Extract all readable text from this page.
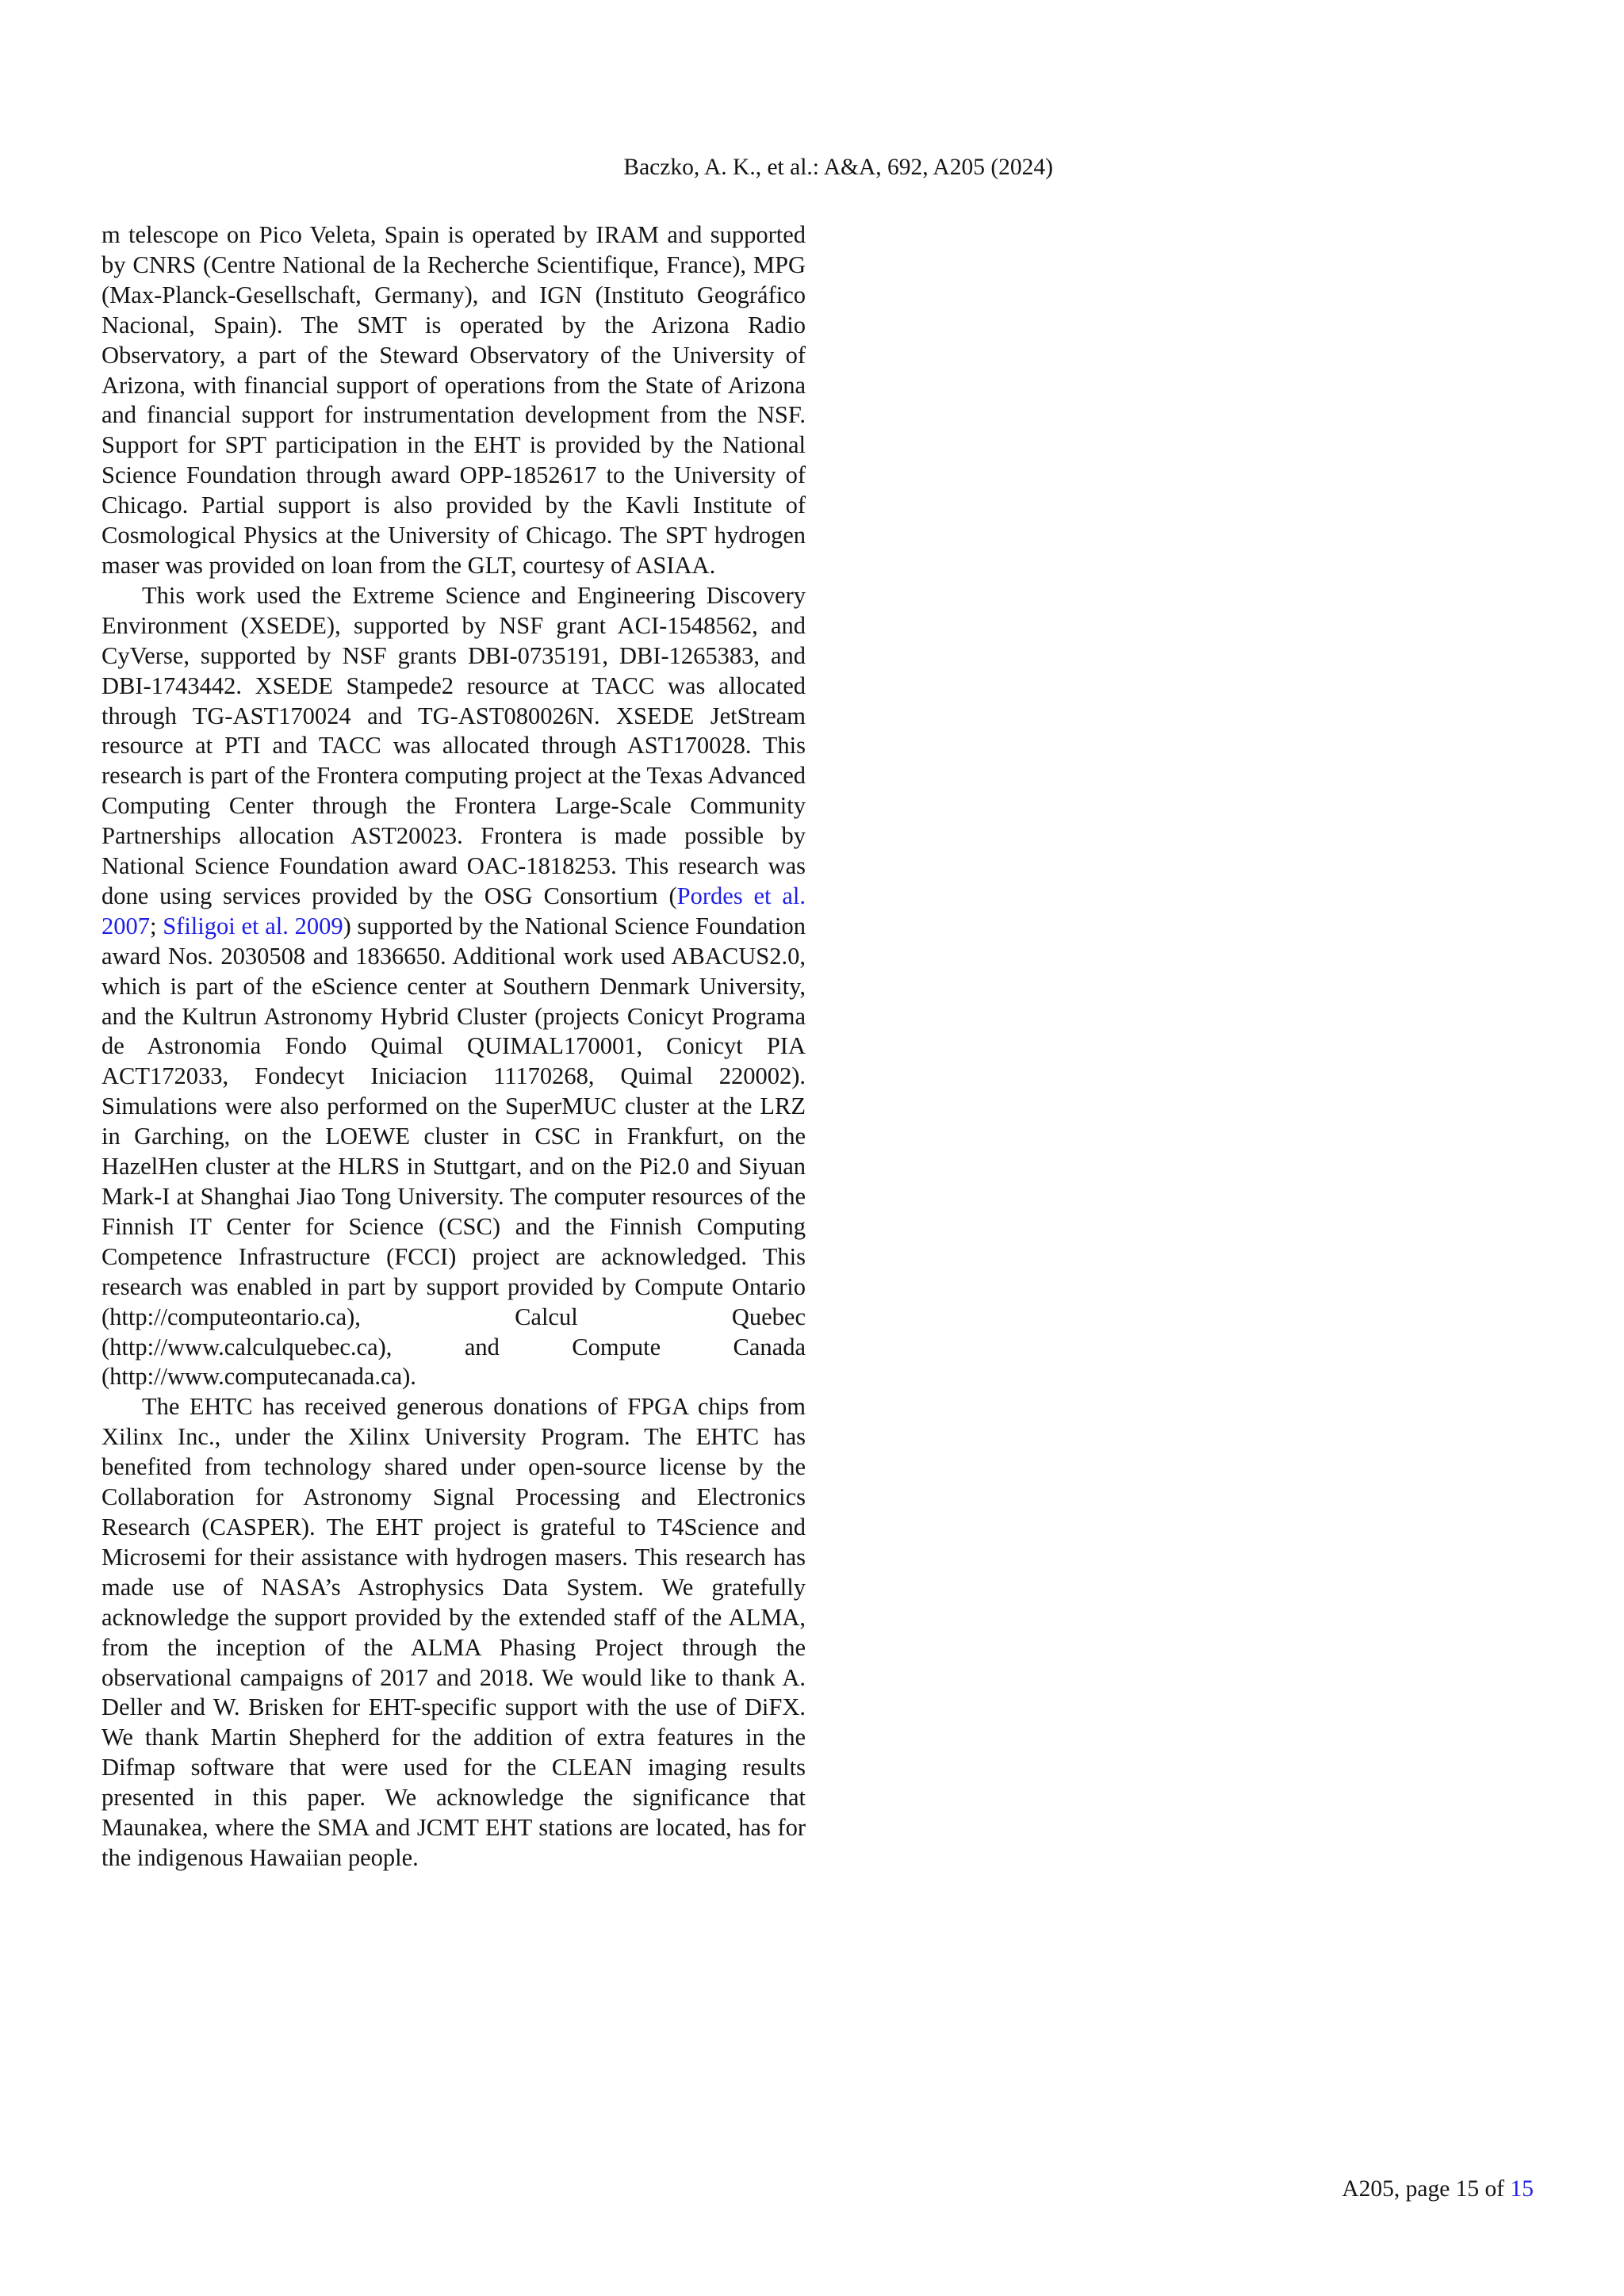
Baczko, A. K., et al.: A&A, 692, A205 (2024)

m telescope on Pico Veleta, Spain is operated by IRAM and supported by CNRS (Centre National de la Recherche Scientifique, France), MPG (Max-Planck-Gesellschaft, Germany), and IGN (Instituto Geográfico Nacional, Spain). The SMT is operated by the Arizona Radio Observatory, a part of the Steward Observatory of the University of Arizona, with financial support of operations from the State of Arizona and financial support for instrumentation development from the NSF. Support for SPT participation in the EHT is provided by the National Science Foundation through award OPP-1852617 to the University of Chicago. Partial support is also provided by the Kavli Institute of Cosmological Physics at the University of Chicago. The SPT hydrogen maser was provided on loan from the GLT, courtesy of ASIAA.

This work used the Extreme Science and Engineering Discovery Environment (XSEDE), supported by NSF grant ACI-1548562, and CyVerse, supported by NSF grants DBI-0735191, DBI-1265383, and DBI-1743442. XSEDE Stampede2 resource at TACC was allocated through TG-AST170024 and TG-AST080026N. XSEDE JetStream resource at PTI and TACC was allocated through AST170028. This research is part of the Frontera computing project at the Texas Advanced Computing Center through the Frontera Large-Scale Community Partnerships allocation AST20023. Frontera is made possible by National Science Foundation award OAC-1818253. This research was done using services provided by the OSG Consortium (Pordes et al. 2007; Sfiligoi et al. 2009) supported by the National Science Foundation award Nos. 2030508 and 1836650. Additional work used ABACUS2.0, which is part of the eScience center at Southern Denmark University, and the Kultrun Astronomy Hybrid Cluster (projects Conicyt Programa de Astronomia Fondo Quimal QUIMAL170001, Conicyt PIA ACT172033, Fondecyt Iniciacion 11170268, Quimal 220002). Simulations were also performed on the SuperMUC cluster at the LRZ in Garching, on the LOEWE cluster in CSC in Frankfurt, on the HazelHen cluster at the HLRS in Stuttgart, and on the Pi2.0 and Siyuan Mark-I at Shanghai Jiao Tong University. The computer resources of the Finnish IT Center for Science (CSC) and the Finnish Computing Competence Infrastructure (FCCI) project are acknowledged. This research was enabled in part by support provided by Compute Ontario (http://computeontario.ca), Calcul Quebec (http://www.calculquebec.ca), and Compute Canada (http://www.computecanada.ca).

The EHTC has received generous donations of FPGA chips from Xilinx Inc., under the Xilinx University Program. The EHTC has benefited from technology shared under open-source license by the Collaboration for Astronomy Signal Processing and Electronics Research (CASPER). The EHT project is grateful to T4Science and Microsemi for their assistance with hydrogen masers. This research has made use of NASA’s Astrophysics Data System. We gratefully acknowledge the support provided by the extended staff of the ALMA, from the inception of the ALMA Phasing Project through the observational campaigns of 2017 and 2018. We would like to thank A. Deller and W. Brisken for EHT-specific support with the use of DiFX. We thank Martin Shepherd for the addition of extra features in the Difmap software that were used for the CLEAN imaging results presented in this paper. We acknowledge the significance that Maunakea, where the SMA and JCMT EHT stations are located, has for the indigenous Hawaiian people.

A205, page 15 of 15
